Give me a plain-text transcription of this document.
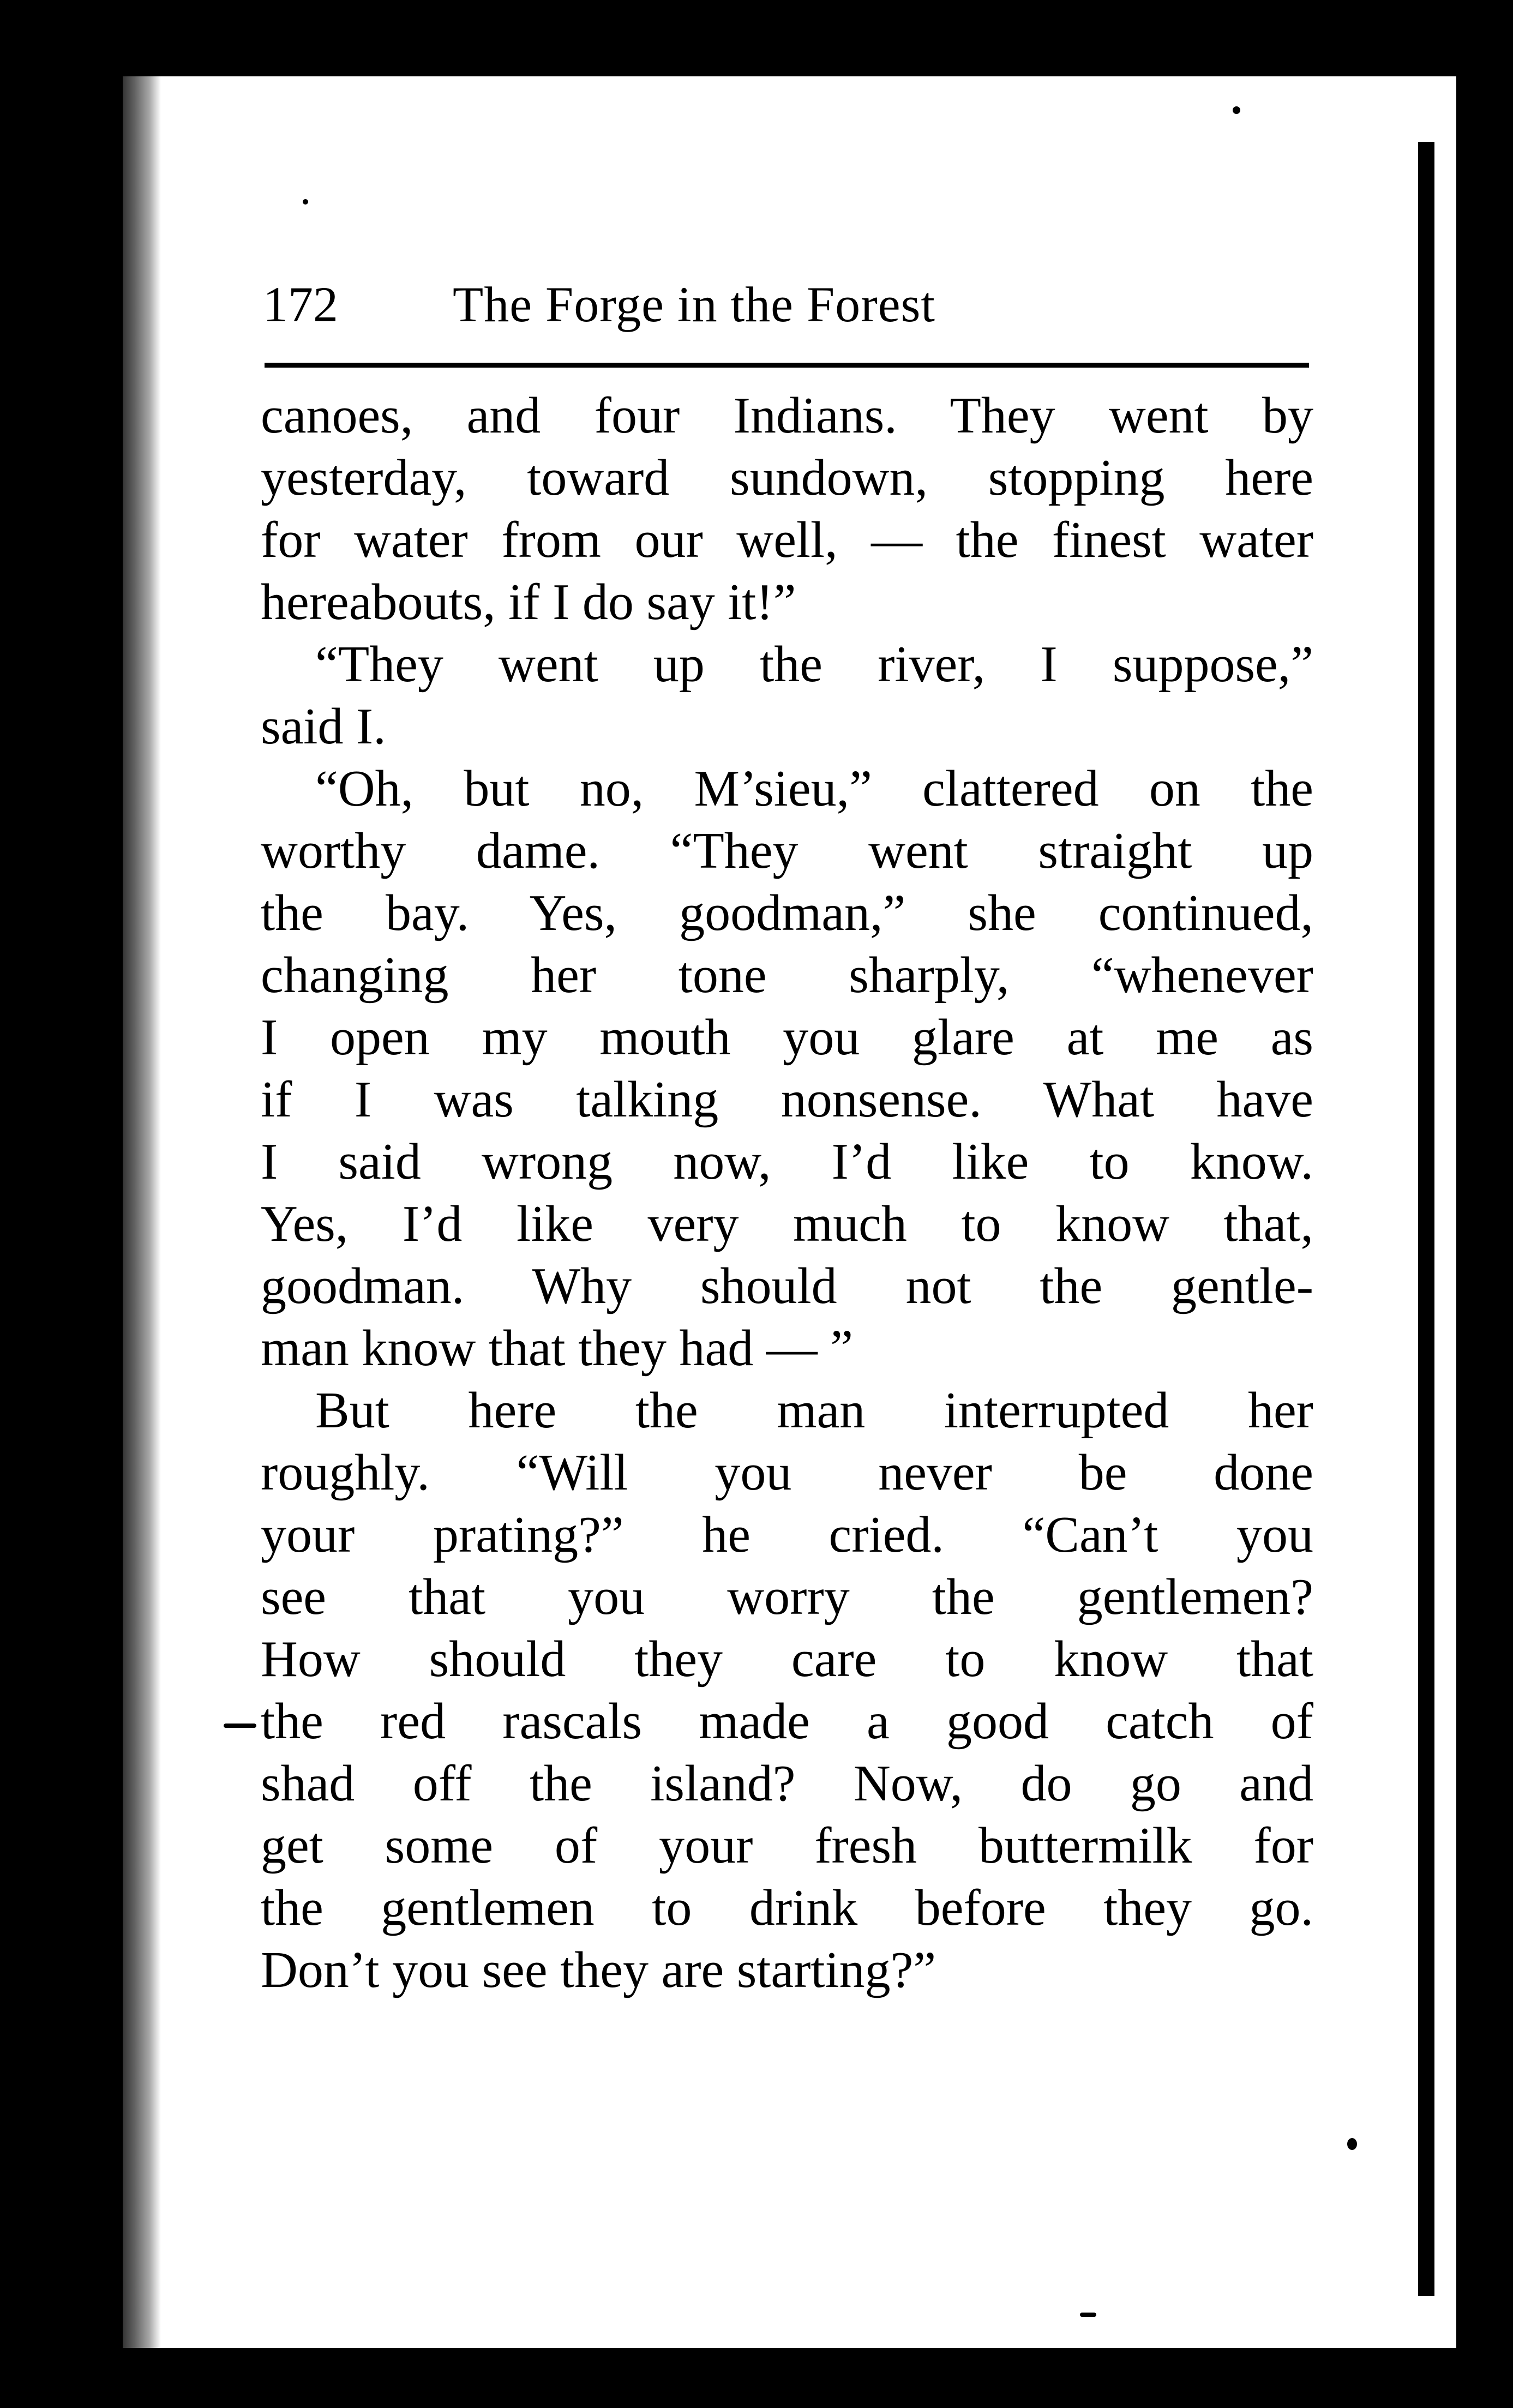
172 The Forge in the Forest
canoes, and four Indians. They went by
yesterday, toward sundown, stopping here
for water from our well, — the finest water
hereabouts, if I do say it!”
“They went up the river, I suppose,”
said I.
“Oh, but no, M’sieu,” clattered on the
worthy dame. “They went straight up
the bay. Yes, goodman,” she continued,
changing her tone sharply, “whenever
I open my mouth you glare at me as
if I was talking nonsense. What have
I said wrong now, I’d like to know.
Yes, I’d like very much to know that,
goodman. Why should not the gentle-
man know that they had — ”
But here the man interrupted her
roughly. “Will you never be done
your prating?” he cried. “Can’t you
see that you worry the gentlemen?
How should they care to know that
the red rascals made a good catch of
shad off the island? Now, do go and
get some of your fresh buttermilk for
the gentlemen to drink before they go.
Don’t you see they are starting?”
